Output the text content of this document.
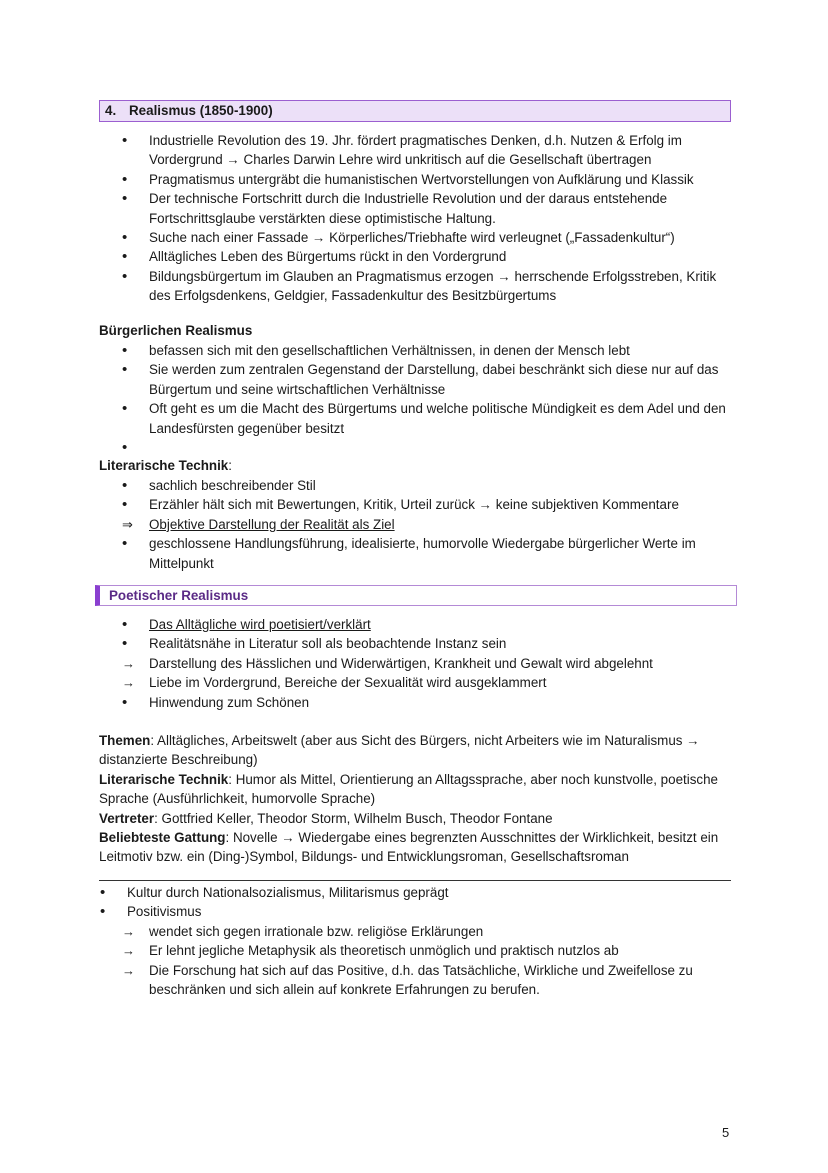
4. Realismus (1850-1900)
•
Industrielle Revolution des 19. Jhr. fördert pragmatisches Denken, d.h. Nutzen & Erfolg im Vordergrund → Charles Darwin Lehre wird unkritisch auf die Gesellschaft übertragen
•
Pragmatismus untergräbt die humanistischen Wertvorstellungen von Aufklärung und Klassik
•
Der technische Fortschritt durch die Industrielle Revolution und der daraus entstehende Fortschrittsglaube verstärkten diese optimistische Haltung.
•
Suche nach einer Fassade → Körperliches/Triebhafte wird verleugnet („Fassadenkultur“)
•
Alltägliches Leben des Bürgertums rückt in den Vordergrund
•
Bildungsbürgertum im Glauben an Pragmatismus erzogen → herrschende Erfolgsstreben, Kritik des Erfolgsdenkens, Geldgier, Fassadenkultur des Besitzbürgertums
Bürgerlichen Realismus
•
befassen sich mit den gesellschaftlichen Verhältnissen, in denen der Mensch lebt
•
Sie werden zum zentralen Gegenstand der Darstellung, dabei beschränkt sich diese nur auf das Bürgertum und seine wirtschaftlichen Verhältnisse
•
Oft geht es um die Macht des Bürgertums und welche politische Mündigkeit es dem Adel und den Landesfürsten gegenüber besitzt
•
Literarische Technik:
•
sachlich beschreibender Stil
•
Erzähler hält sich mit Bewertungen, Kritik, Urteil zurück → keine subjektiven Kommentare
⇒
Objektive Darstellung der Realität als Ziel
•
geschlossene Handlungsführung, idealisierte, humorvolle Wiedergabe bürgerlicher Werte im Mittelpunkt
Poetischer Realismus
•
Das Alltägliche wird poetisiert/verklärt
•
Realitätsnähe in Literatur soll als beobachtende Instanz sein
→
Darstellung des Hässlichen und Widerwärtigen, Krankheit und Gewalt wird abgelehnt
→
Liebe im Vordergrund, Bereiche der Sexualität wird ausgeklammert
•
Hinwendung zum Schönen
Themen: Alltägliches, Arbeitswelt (aber aus Sicht des Bürgers, nicht Arbeiters wie im Naturalismus → distanzierte Beschreibung)
Literarische Technik: Humor als Mittel, Orientierung an Alltagssprache, aber noch kunstvolle, poetische Sprache (Ausführlichkeit, humorvolle Sprache)
Vertreter: Gottfried Keller, Theodor Storm, Wilhelm Busch, Theodor Fontane
Beliebteste Gattung: Novelle → Wiedergabe eines begrenzten Ausschnittes der Wirklichkeit, besitzt ein Leitmotiv bzw. ein (Ding-)Symbol, Bildungs- und Entwicklungsroman, Gesellschaftsroman
•
Kultur durch Nationalsozialismus, Militarismus geprägt
•
Positivismus
→
wendet sich gegen irrationale bzw. religiöse Erklärungen
→
Er lehnt jegliche Metaphysik als theoretisch unmöglich und praktisch nutzlos ab
→
Die Forschung hat sich auf das Positive, d.h. das Tatsächliche, Wirkliche und Zweifellose zu beschränken und sich allein auf konkrete Erfahrungen zu berufen.
5
